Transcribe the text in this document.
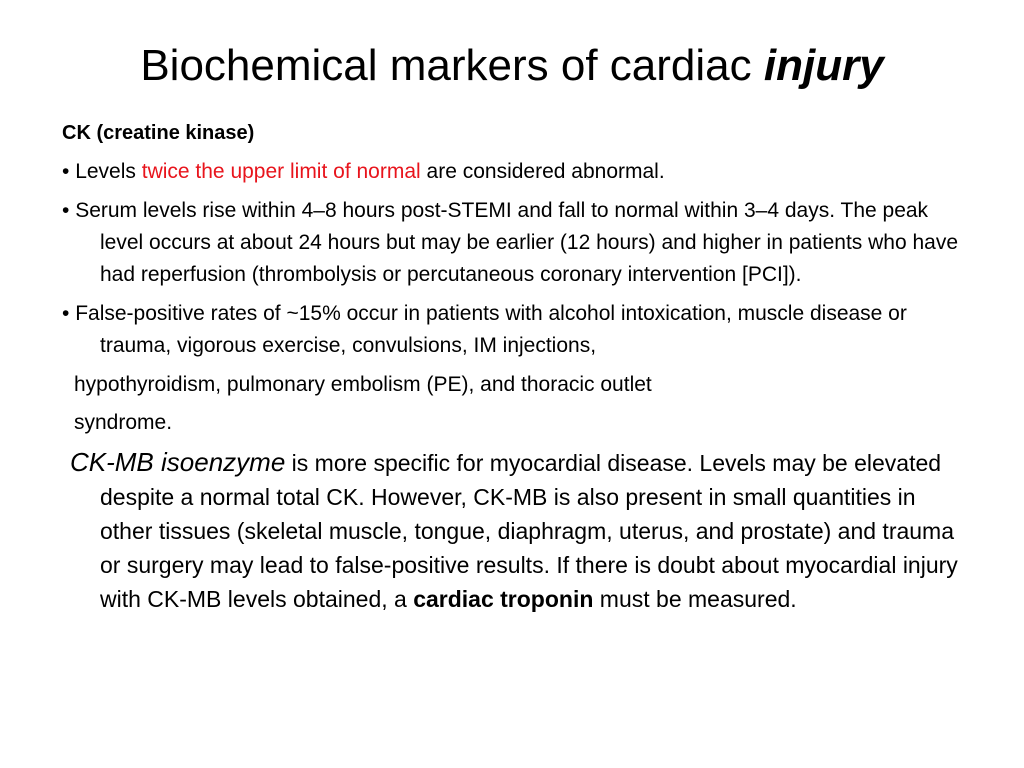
Biochemical markers of cardiac injury
CK (creatine kinase)
• Levels twice the upper limit of normal are considered abnormal.
• Serum levels rise within 4–8 hours post-STEMI and fall to normal within 3–4 days. The peak level occurs at about 24 hours but may be earlier (12 hours) and higher in patients who have had reperfusion (thrombolysis or percutaneous coronary intervention [PCI]).
• False-positive rates of ~15% occur in patients with alcohol intoxication, muscle disease or trauma, vigorous exercise, convulsions, IM injections,
hypothyroidism, pulmonary embolism (PE), and thoracic outlet
syndrome.
CK-MB isoenzyme is more specific for myocardial disease. Levels may be elevated despite a normal total CK. However, CK-MB is also present in small quantities in other tissues (skeletal muscle, tongue, diaphragm, uterus, and prostate) and trauma or surgery may lead to false-positive results. If there is doubt about myocardial injury with CK-MB levels obtained, a cardiac troponin must be measured.
